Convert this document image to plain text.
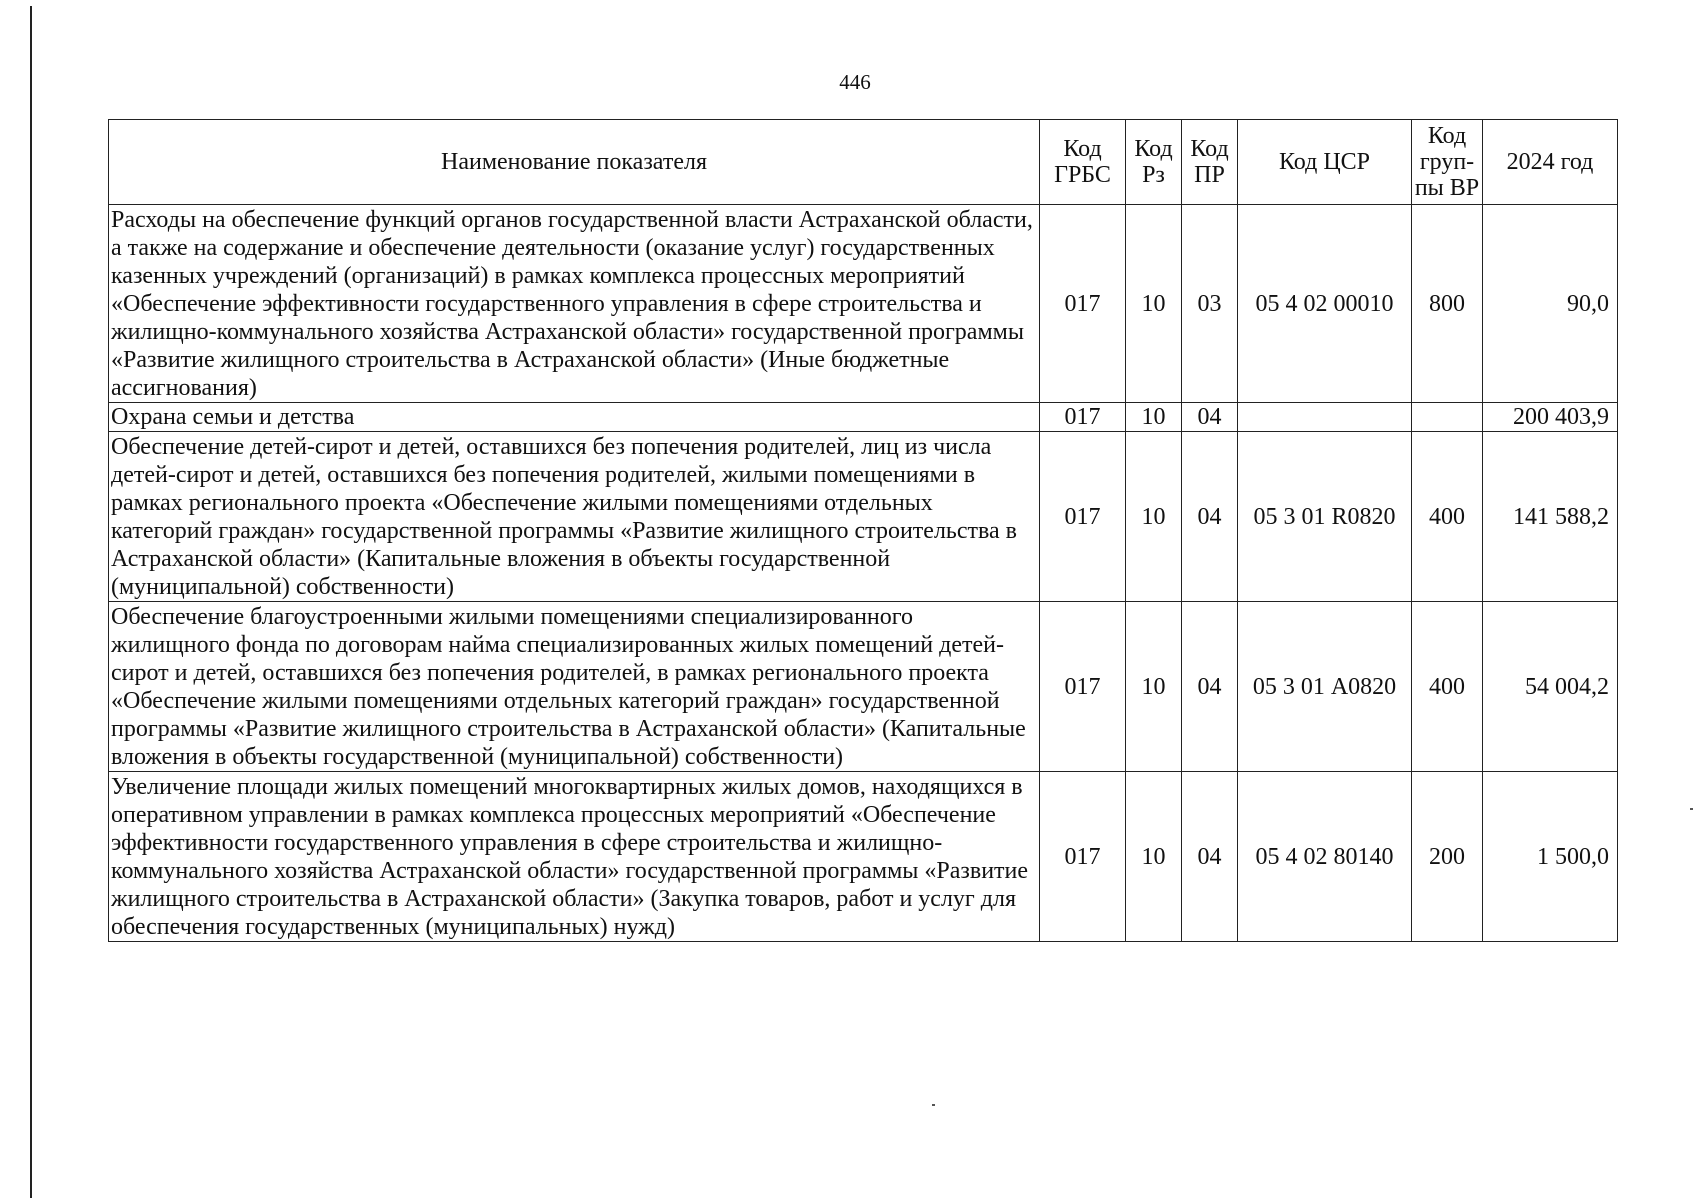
446
Наименование показателя	Код ГРБС	Код Рз	Код ПР	Код ЦСР	Код груп-пы ВР	2024 год
Расходы на обеспечение функций органов государственной власти Астраханской области, а также на содержание и обеспечение деятельности (оказание услуг) государственных казенных учреждений (организаций) в рамках комплекса процессных мероприятий «Обеспечение эффективности государственного управления в сфере строительства и жилищно-коммунального хозяйства Астраханской области» государственной программы «Развитие жилищного строительства в Астраханской области» (Иные бюджетные ассигнования)	017	10	03	05 4 02 00010	800	90,0
Охрана семьи и детства	017	10	04			200 403,9
Обеспечение детей-сирот и детей, оставшихся без попечения родителей, лиц из числа детей-сирот и детей, оставшихся без попечения родителей, жилыми помещениями в рамках регионального проекта «Обеспечение жилыми помещениями отдельных категорий граждан» государственной программы «Развитие жилищного строительства в Астраханской области» (Капитальные вложения в объекты государственной (муниципальной) собственности)	017	10	04	05 3 01 R0820	400	141 588,2
Обеспечение благоустроенными жилыми помещениями специализированного жилищного фонда по договорам найма специализированных жилых помещений детей-сирот и детей, оставшихся без попечения родителей, в рамках регионального проекта «Обеспечение жилыми помещениями отдельных категорий граждан» государственной программы «Развитие жилищного строительства в Астраханской области» (Капитальные вложения в объекты государственной (муниципальной) собственности)	017	10	04	05 3 01 А0820	400	54 004,2
Увеличение площади жилых помещений многоквартирных жилых домов, находящихся в оперативном управлении в рамках комплекса процессных мероприятий «Обеспечение эффективности государственного управления в сфере строительства и жилищно-коммунального хозяйства Астраханской области» государственной программы «Развитие жилищного строительства в Астраханской области» (Закупка товаров, работ и услуг для обеспечения государственных (муниципальных) нужд)	017	10	04	05 4 02 80140	200	1 500,0
